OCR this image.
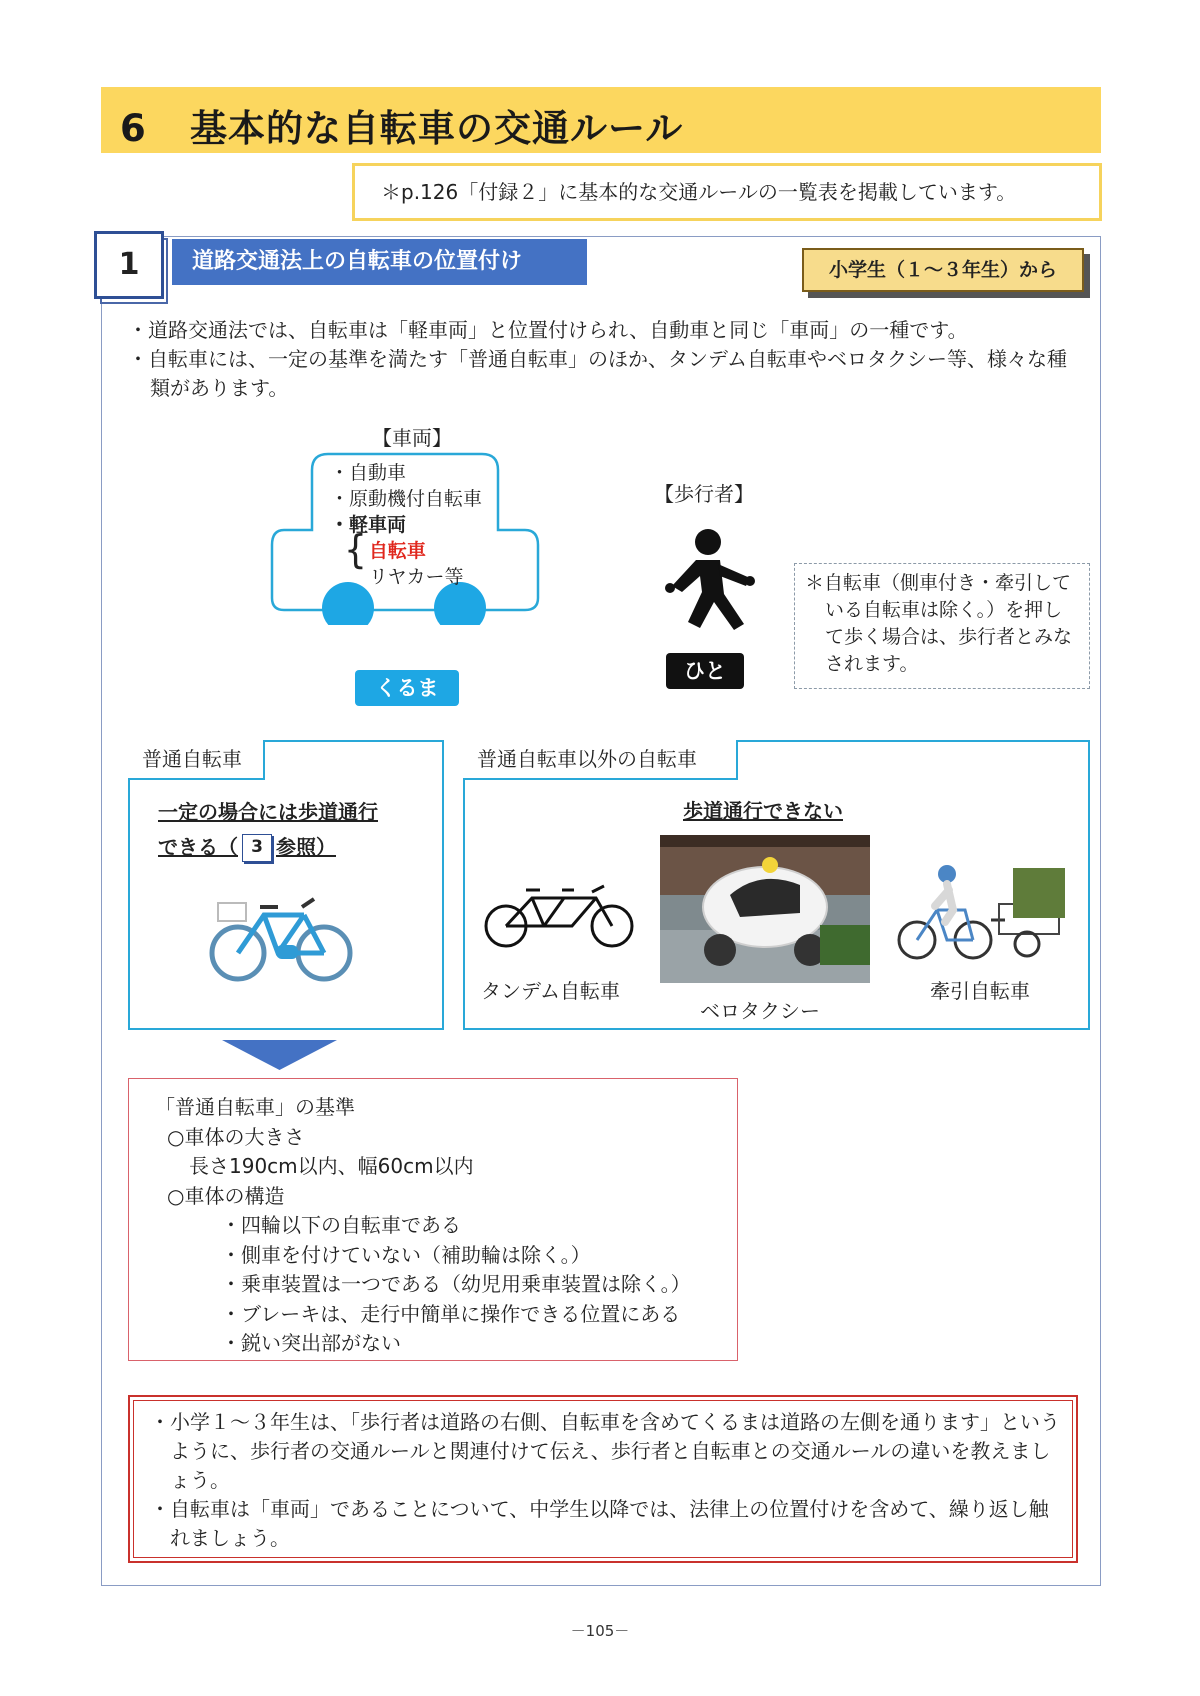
6 基本的な自転車の交通ルール
＊p.126「付録２」に基本的な交通ルールの一覧表を掲載しています。
1	道路交通法上の自転車の位置付け	小学生（１～３年生）から

・道路交通法では、自転車は「軽車両」と位置付けられ、自動車と同じ「車両」の一種です。

・自転車には、一定の基準を満たす「普通自転車」のほか、タンデム自転車やベロタクシー等、様々な種類があります。

【車両】
・自動車
・原動機付自転車
・軽車両
{ 自転車
リヤカー等
くるま
【歩行者】
ひと

＊自転車（側車付き・牽引している自転車は除く。）を押して歩く場合は、歩行者とみなされます。

普通自転車
一定の場合には歩道通行
できる（ 3 参照）
普通自転車以外の自転車
歩道通行できない
タンデム自転車
ベロタクシー
牽引自転車

「普通自転車」の基準

○車体の大きさ

長さ190cm以内、幅60cm以内

○車体の構造

・四輪以下の自転車である

・側車を付けていない（補助輪は除く。）

・乗車装置は一つである（幼児用乗車装置は除く。）

・ブレーキは、走行中簡単に操作できる位置にある

・鋭い突出部がない

・小学１～３年生は、「歩行者は道路の右側、自転車を含めてくるまは道路の左側を通ります」というように、歩行者の交通ルールと関連付けて伝え、歩行者と自転車との交通ルールの違いを教えましょう。

・自転車は「車両」であることについて、中学生以降では、法律上の位置付けを含めて、繰り返し触れましょう。

－105－
